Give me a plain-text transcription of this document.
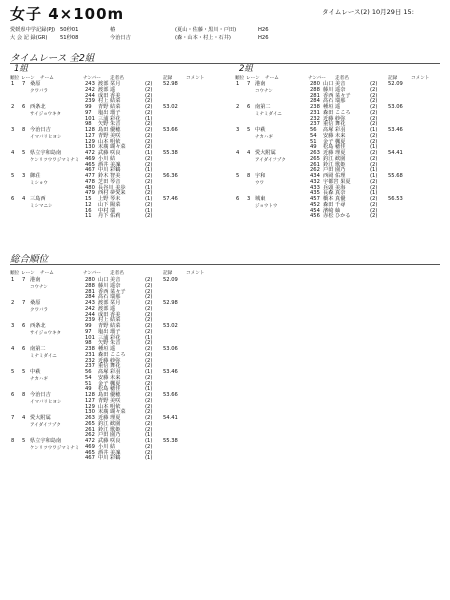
女子 4×100m	タイムレース(2) 10月29日 15:
愛媛県中学記録(PJ) 50秒01	椿	(夏山・佐藤・黒川・戸田)	H26
大 会 記 録(GR) 51秒08	今治日吉	(森・山本・村上・石井)	H26
タイムレース 全2組
1組
順位 レーン チーム	ナンバー 走者名	記録	コメント
1 7 桑原
クワバラ
52.98
243 渡部 栞月	(2)
242 渡部 遥	(2)
244 成田 香美	(2)
239 村上 結菜	(2)
2 6 西条北
サイジョウキタ
53.02
99 青野 結菜	(2)
97 塩出 瑠子	(2)
101 三浦 彩花	(1)
98 矢野 朱音	(2)
3 8 今治日吉
イマバリヒヨシ
53.66
128 島田 優穂	(2)
127 青野 美咲	(2)
129 山本 明依	(2)
130 末廣 瑚々菜	(2)
4 5 県立宇和島南
ケンリツウワジマミナミ
55.38
472 武藤 咲良	(1)
469 小川 結	(2)
465 酒井 美凜	(2)
467 中川 彩鶴	(1)
5 3 御荘
ミショウ
56.36
477 鈴木 智美	(2)
478 芝田 琴音	(2)
480 長谷川 美歩	(1)
479 西村 夢愛来	(2)
6 4 三島西
ミシマニシ
57.46
15 上野 琴未	(1)
12 山下 陽菜	(2)
16 中村 瑞	(1)
11 丹下 佑莉	(2)
2組
順位 レーン チーム	ナンバー 走者名	記録	コメント
1 7 港南
コウナン
52.09
280 山口 美音	(2)
288 藤川 遥奈	(2)
281 香西 菜々子	(2)
284 髙石 瑞那	(2)
2 6 南第二
ミナミダイニ
53.06
238 種垣 遥	(2)
231 森田 こころ	(2)
232 近藤 紗弥	(2)
237 重信 舞花	(2)
3 5 中萩
ナカハギ
53.46
56 髙塚 彩羽	(1)
54 安藤 未来	(2)
51 金子 楓夏	(2)
49 松島 穂佳	(1)
4 4 愛大附属
アイダイフゾク
54.41
263 近藤 理夏	(2)
265 釣江 歓園	(2)
261 鈴江 歌姫	(2)
262 戸田 園乃	(1)
5 8 宇和
ウワ
55.68
434 西岡 佑理	(1)
432 宇都宮 果夏	(2)
433 兵頭 美海	(2)
435 長森 真奈	(1)
6 3 城東
ジョウトウ
56.53
457 橋本 真優	(2)
452 森田 千尋	(2)
454 濱崎 紬	(2)
456 赤松 ひかる	(2)
総合順位
順位 レーン チーム	ナンバー 走者名	記録	コメント
1 7 港南
コウナン
52.09
280 山口 美音	(2)
288 藤川 遥奈	(2)
281 香西 菜々子	(2)
284 髙石 瑞那	(2)
2 7 桑原
クワバラ
52.98
243 渡部 栞月	(2)
242 渡部 遥	(2)
244 成田 香美	(2)
239 村上 結菜	(2)
3 6 西条北
サイジョウキタ
53.02
99 青野 結菜	(2)
97 塩出 瑠子	(2)
101 三浦 彩花	(1)
98 矢野 朱音	(2)
4 6 南第二
ミナミダイニ
53.06
238 種垣 遥	(2)
231 森田 こころ	(2)
232 近藤 紗弥	(2)
237 重信 舞花	(2)
5 5 中萩
ナカハギ
53.46
56 髙塚 彩羽	(1)
54 安藤 未来	(2)
51 金子 楓夏	(2)
49 松島 穂佳	(1)
6 8 今治日吉
イマバリヒヨシ
53.66
128 島田 優穂	(2)
127 青野 美咲	(2)
129 山本 明依	(2)
130 末廣 瑚々菜	(2)
7 4 愛大附属
アイダイフゾク
54.41
263 近藤 理夏	(2)
265 釣江 歓園	(2)
261 鈴江 歌姫	(2)
262 戸田 園乃	(1)
8 5 県立宇和島南
ケンリツウワジマミナミ
55.38
472 武藤 咲良	(1)
469 小川 結	(2)
465 酒井 美凜	(2)
467 中川 彩鶴	(1)
